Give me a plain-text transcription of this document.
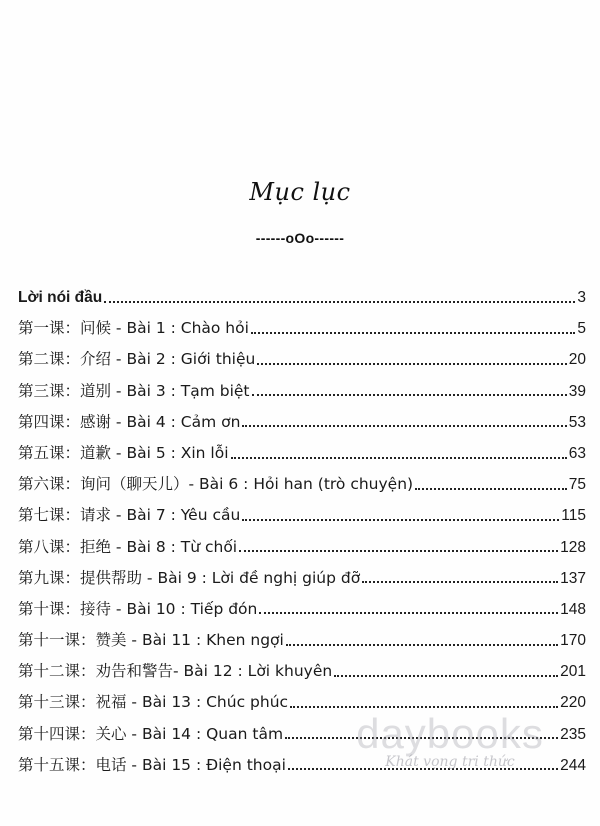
Mục lục
------oOo------
Lời nói đầu	3
第一课：问候 - Bài 1 : Chào hỏi	5
第二课：介绍 - Bài 2 : Giới thiệu	20
第三课：道别 - Bài 3 : Tạm biệt	39
第四课：感谢 - Bài 4 : Cảm ơn	53
第五课：道歉 - Bài 5 : Xin lỗi	63
第六课：询问（聊天儿）- Bài 6 : Hỏi han (trò chuyện)	75
第七课：请求 - Bài 7 : Yêu cầu	115
第八课：拒绝 - Bài 8 : Từ chối	128
第九课：提供帮助 - Bài 9 : Lời đề nghị giúp đỡ	137
第十课：接待 - Bài 10 : Tiếp đón	148
第十一课：赞美 - Bài 11 : Khen ngợi	170
第十二课：劝告和警告- Bài 12 : Lời khuyên	201
第十三课：祝福 - Bài 13 : Chúc phúc	220
第十四课：关心 - Bài 14 : Quan tâm	235
第十五课：电话 - Bài 15 : Điện thoại	244
daybooks
Khát vọng tri thức
